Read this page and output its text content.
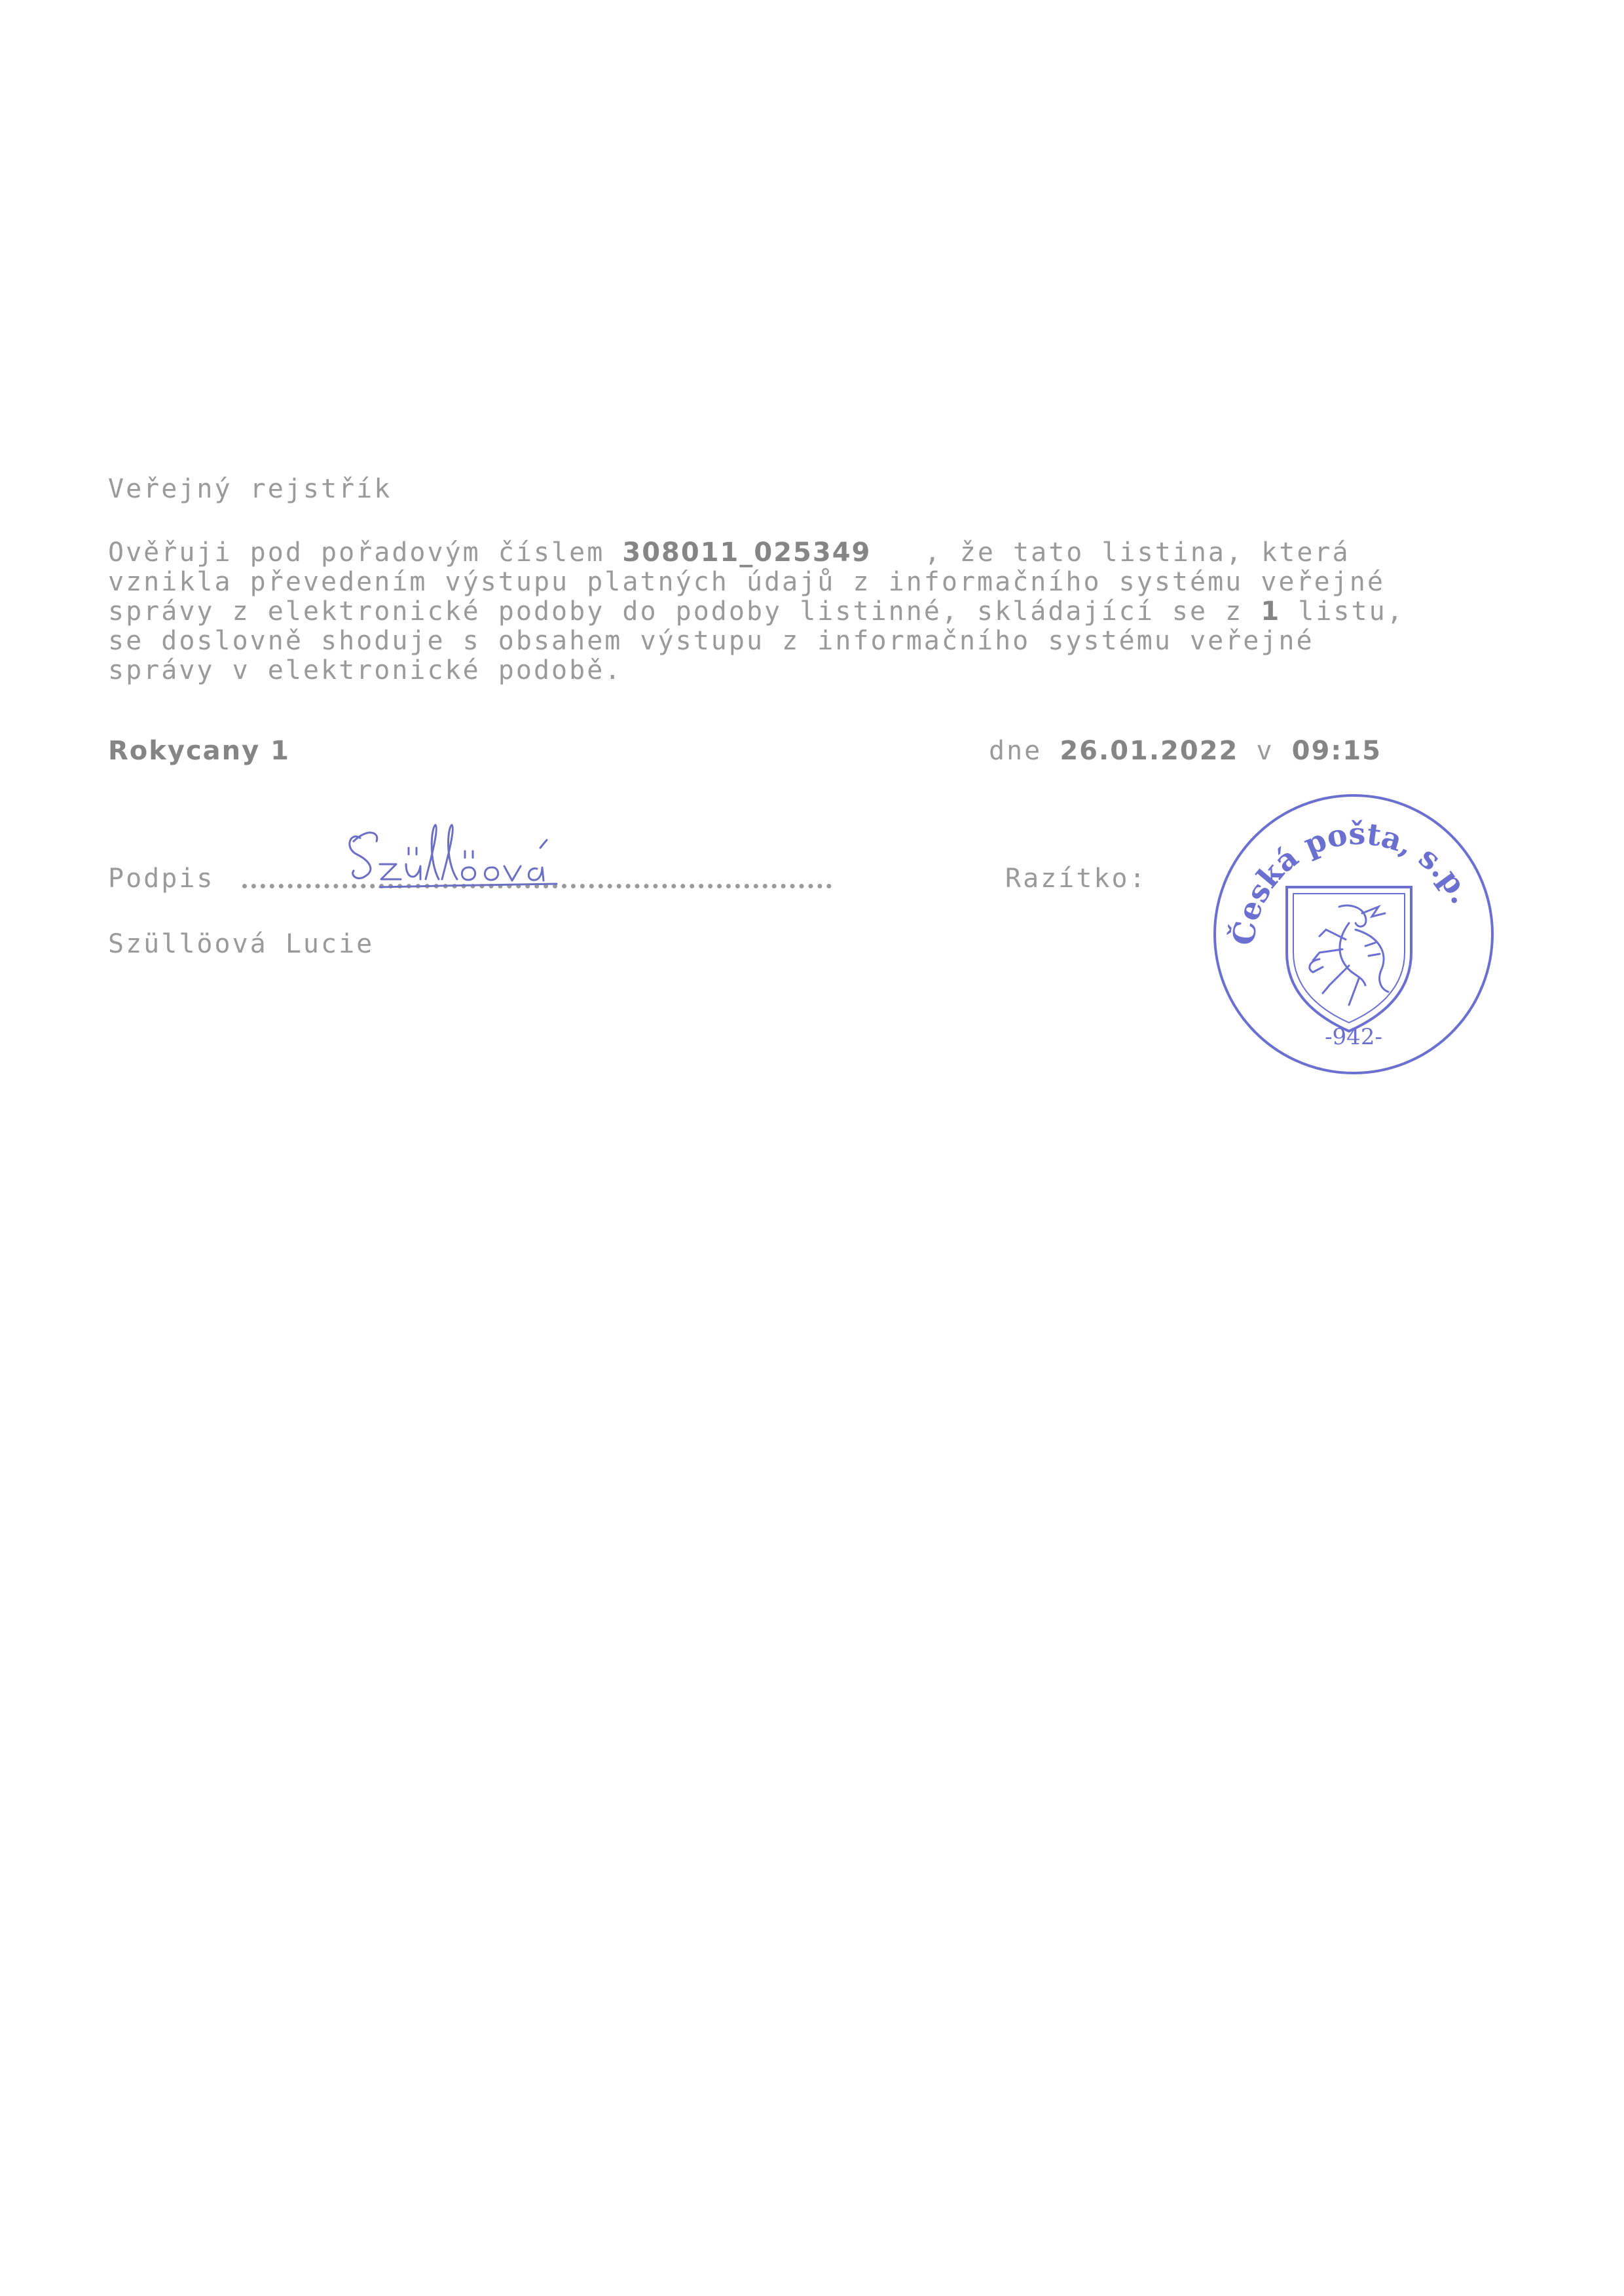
Veřejný rejstřík
Ověřuji pod pořadovým číslem 308011_025349   , že tato listina, která
vznikla převedením výstupu platných údajů z informačního systému veřejné
správy z elektronické podoby do podoby listinné, skládající se z 1 listu,
se doslovně shoduje s obsahem výstupu z informačního systému veřejné
správy v elektronické podobě.
Rokycany 1	dne 26.01.2022 v 09:15
Podpis	Razítko:
Česká pošta, s.p.
-942-
Szüllöová Lucie
